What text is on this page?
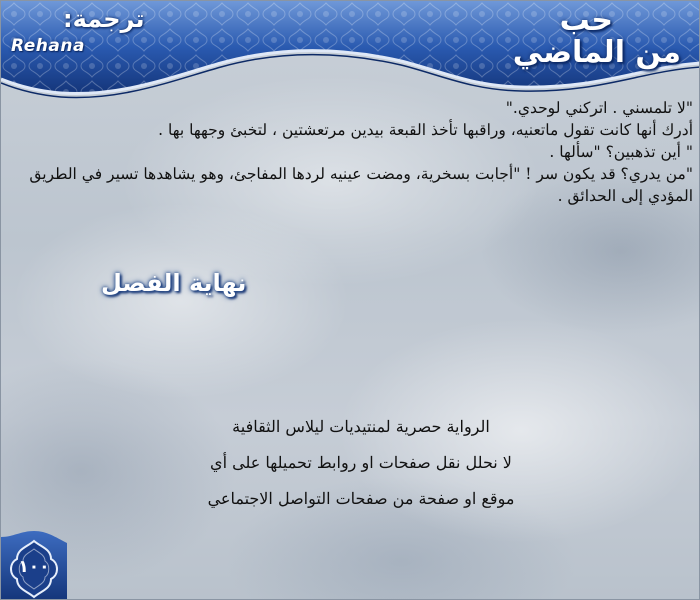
ترجمة:
Rehana
حب
من الماضي

"لا تلمسني . اتركني لوحدي."

أدرك أنها كانت تقول ماتعنيه، وراقبها تأخذ القبعة بيدين مرتعشتين ، لتخبئ وجهها بها .

" أين تذهبين؟ "سألها .

"من يدري؟ قد يكون سر ! "أجابت بسخرية، ومضت عينيه لردها المفاجئ، وهو يشاهدها تسير في الطريق

المؤدي إلى الحدائق .

نهاية الفصل

الرواية حصرية لمنتيديات ليلاس الثقافية

لا نحلل نقل صفحات او روابط تحميلها على أي

موقع او صفحة من صفحات التواصل الاجتماعي

١٠٠
